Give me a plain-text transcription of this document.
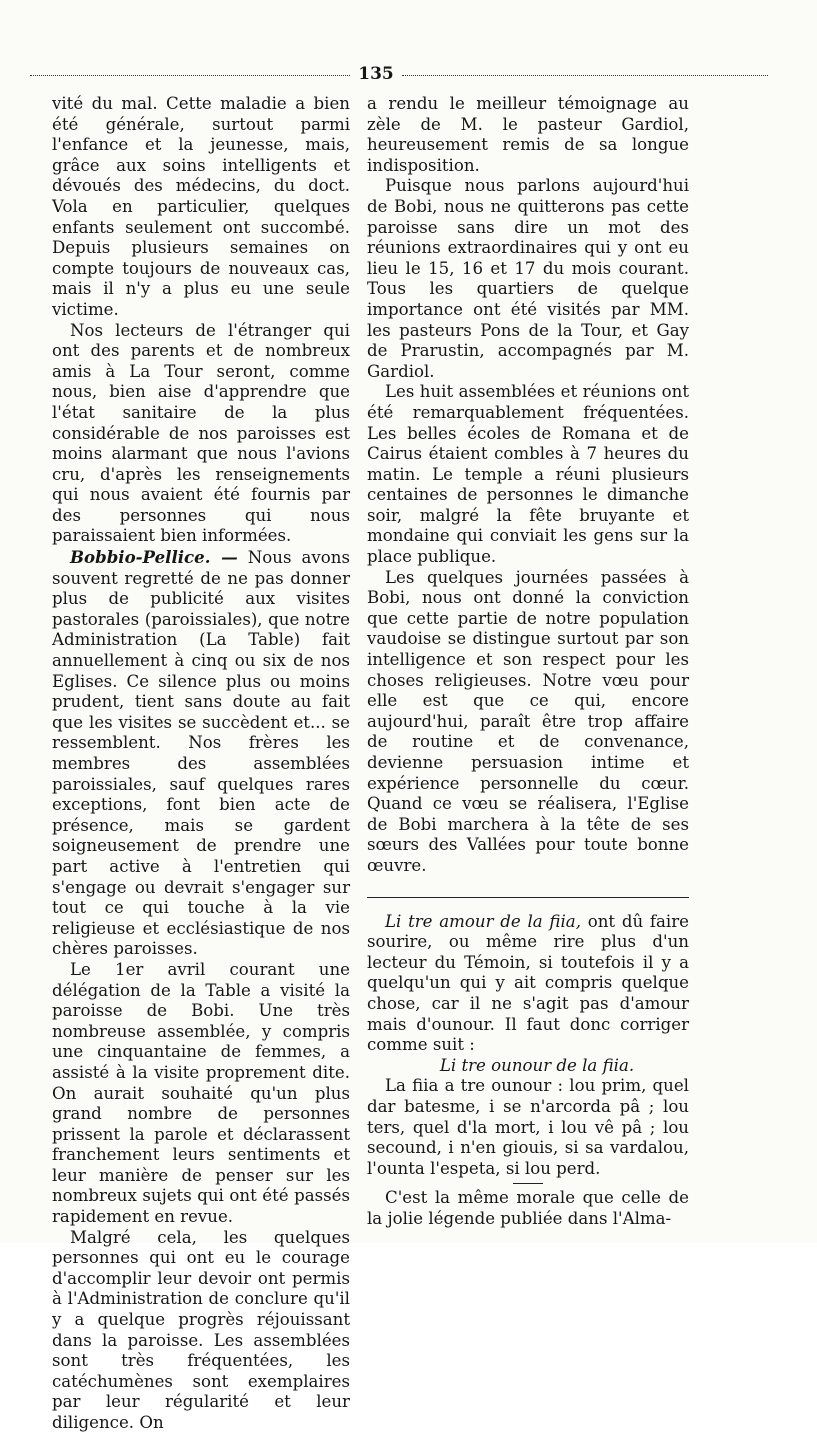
135

vité du mal. Cette maladie a bien été générale, surtout parmi l'enfance et la jeunesse, mais, grâce aux soins intelligents et dévoués des médecins, du doct. Vola en particulier, quelques enfants seulement ont succombé. Depuis plusieurs semaines on compte toujours de nouveaux cas, mais il n'y a plus eu une seule victime.

Nos lecteurs de l'étranger qui ont des parents et de nombreux amis à La Tour seront, comme nous, bien aise d'apprendre que l'état sanitaire de la plus considérable de nos paroisses est moins alarmant que nous l'avions cru, d'après les renseignements qui nous avaient été fournis par des personnes qui nous paraissaient bien informées.

Bobbio-Pellice. — Nous avons souvent regretté de ne pas donner plus de publicité aux visites pastorales (paroissiales), que notre Administration (La Table) fait annuellement à cinq ou six de nos Eglises. Ce silence plus ou moins prudent, tient sans doute au fait que les visites se succèdent et... se ressemblent. Nos frères les membres des assemblées paroissiales, sauf quelques rares exceptions, font bien acte de présence, mais se gardent soigneusement de prendre une part active à l'entretien qui s'engage ou devrait s'engager sur tout ce qui touche à la vie religieuse et ecclésiastique de nos chères paroisses.

Le 1er avril courant une délégation de la Table a visité la paroisse de Bobi. Une très nombreuse assemblée, y compris une cinquantaine de femmes, a assisté à la visite proprement dite. On aurait souhaité qu'un plus grand nombre de personnes prissent la parole et déclarassent franchement leurs sentiments et leur manière de penser sur les nombreux sujets qui ont été passés rapidement en revue.

Malgré cela, les quelques personnes qui ont eu le courage d'accomplir leur devoir ont permis à l'Administration de conclure qu'il y a quelque progrès réjouissant dans la paroisse. Les assemblées sont très fréquentées, les catéchumènes sont exemplaires par leur régularité et leur diligence. On

a rendu le meilleur témoignage au zèle de M. le pasteur Gardiol, heureusement remis de sa longue indisposition.

Puisque nous parlons aujourd'hui de Bobi, nous ne quitterons pas cette paroisse sans dire un mot des réunions extraordinaires qui y ont eu lieu le 15, 16 et 17 du mois courant. Tous les quartiers de quelque importance ont été visités par MM. les pasteurs Pons de la Tour, et Gay de Prarustin, accompagnés par M. Gardiol.

Les huit assemblées et réunions ont été remarquablement fréquentées. Les belles écoles de Romana et de Cairus étaient combles à 7 heures du matin. Le temple a réuni plusieurs centaines de personnes le dimanche soir, malgré la fête bruyante et mondaine qui conviait les gens sur la place publique.

Les quelques journées passées à Bobi, nous ont donné la conviction que cette partie de notre population vaudoise se distingue surtout par son intelligence et son respect pour les choses religieuses. Notre vœu pour elle est que ce qui, encore aujourd'hui, paraît être trop affaire de routine et de convenance, devienne persuasion intime et expérience personnelle du cœur. Quand ce vœu se réalisera, l'Eglise de Bobi marchera à la tête de ses sœurs des Vallées pour toute bonne œuvre.

Li tre amour de la fiia, ont dû faire sourire, ou même rire plus d'un lecteur du Témoin, si toutefois il y a quelqu'un qui y ait compris quelque chose, car il ne s'agit pas d'amour mais d'ounour. Il faut donc corriger comme suit :

Li tre ounour de la fiia.

La fiia a tre ounour : lou prim, quel dar batesme, i se n'arcorda pâ ; lou ters, quel d'la mort, i lou vê pâ ; lou secound, i n'en giouis, si sa vardalou, l'ounta l'espeta, si lou perd.

C'est la même morale que celle de la jolie légende publiée dans l'Alma-
